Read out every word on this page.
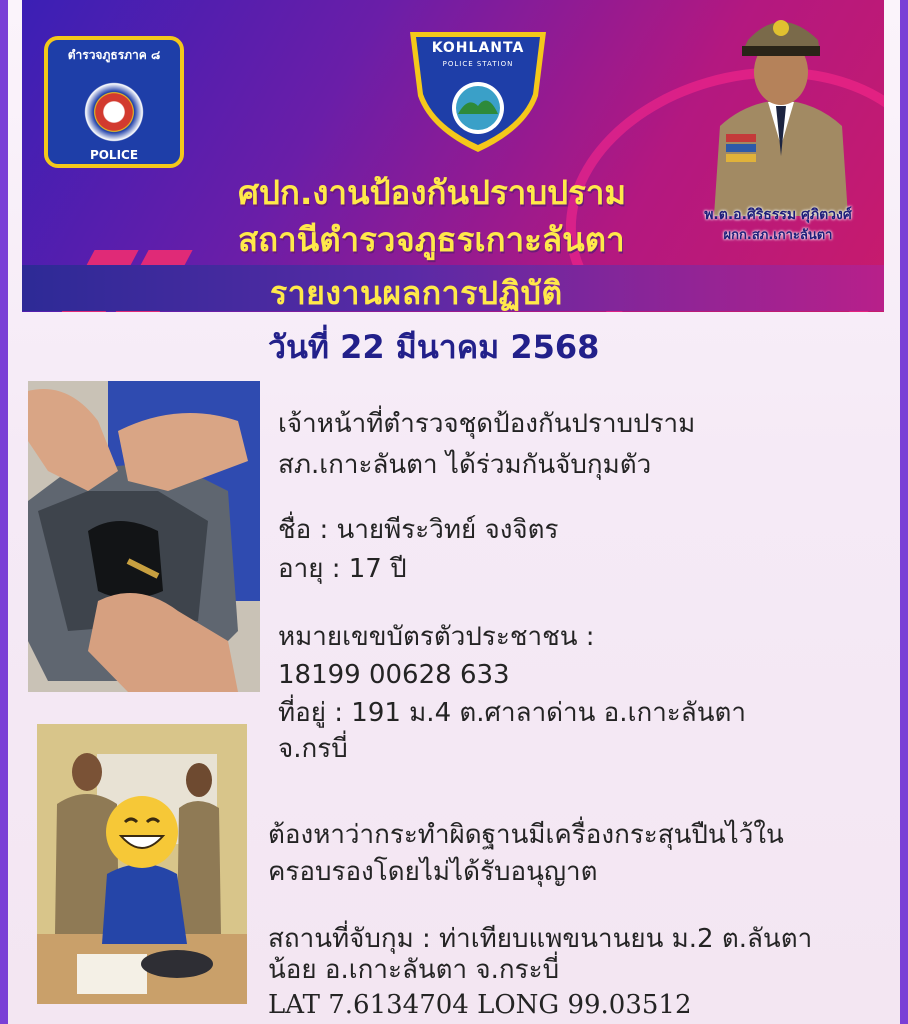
ตำรวจภูธรภาค ๘
POLICE
KOHLANTA
POLICE STATION
พ.ต.อ.ศิริธรรม ศุภิตวงศ์
ผกก.สภ.เกาะลันตา
ศปก.งานป้องกันปราบปราม
สถานีตำรวจภูธรเกาะลันตา
รายงานผลการปฏิบัติ
วันที่ 22 มีนาคม 2568
เจ้าหน้าที่ตำรวจชุดป้องกันปราบปราม
สภ.เกาะลันตา ได้ร่วมกันจับกุมตัว
ชื่อ : นายพีระวิทย์ จงจิตร
อายุ : 17 ปี
หมายเขขบัตรตัวประชาชน :
18199 00628 633
ที่อยู่ : 191 ม.4 ต.ศาลาด่าน อ.เกาะลันตา
จ.กรบี่
ต้องหาว่ากระทำผิดฐานมีเครื่องกระสุนปืนไว้ใน
ครอบรองโดยไม่ได้รับอนุญาต
สถานที่จับกุม : ท่าเทียบแพขนานยน ม.2 ต.ลันตา
น้อย อ.เกาะลันตา จ.กระบี่
LAT 7.6134704 LONG 99.03512
